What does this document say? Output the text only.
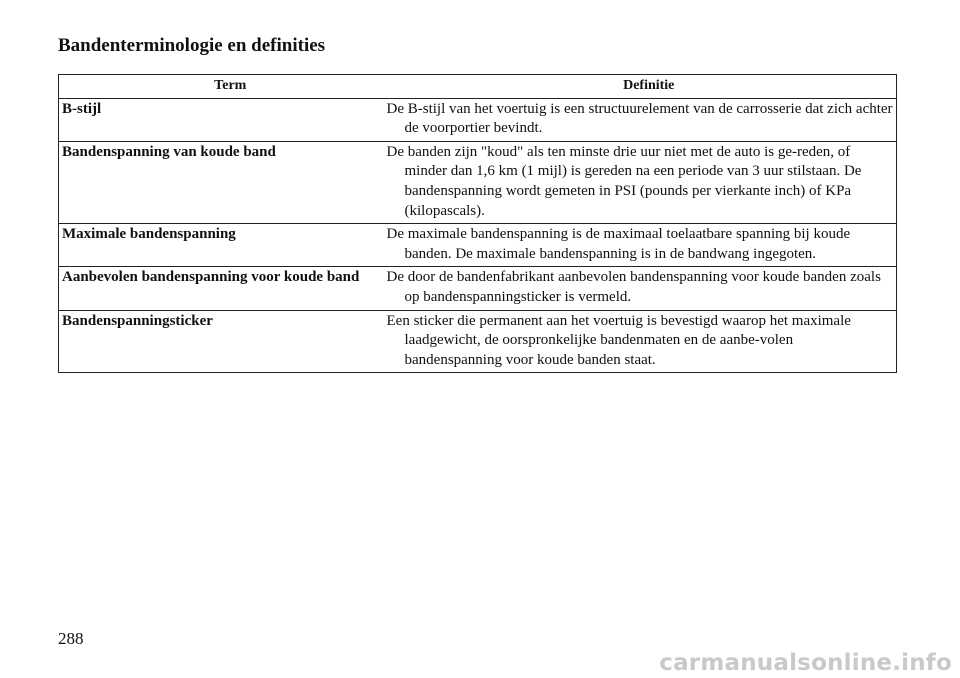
Bandenterminologie en definities
Term	Definitie
B-stijl	De B-stijl van het voertuig is een structuurelement van de carrosserie dat zich achter de voorportier bevindt.
Bandenspanning van koude band	De banden zijn "koud" als ten minste drie uur niet met de auto is ge-reden, of minder dan 1,6 km (1 mijl) is gereden na een periode van 3 uur stilstaan. De bandenspanning wordt gemeten in PSI (pounds per vierkante inch) of KPa (kilopascals).
Maximale bandenspanning	De maximale bandenspanning is de maximaal toelaatbare spanning bij koude banden. De maximale bandenspanning is in de bandwang ingegoten.
Aanbevolen bandenspanning voor koude band	De door de bandenfabrikant aanbevolen bandenspanning voor koude banden zoals op bandenspanningsticker is vermeld.
Bandenspanningsticker	Een sticker die permanent aan het voertuig is bevestigd waarop het maximale laadgewicht, de oorspronkelijke bandenmaten en de aanbe-volen bandenspanning voor koude banden staat.
288
carmanualsonline.info
